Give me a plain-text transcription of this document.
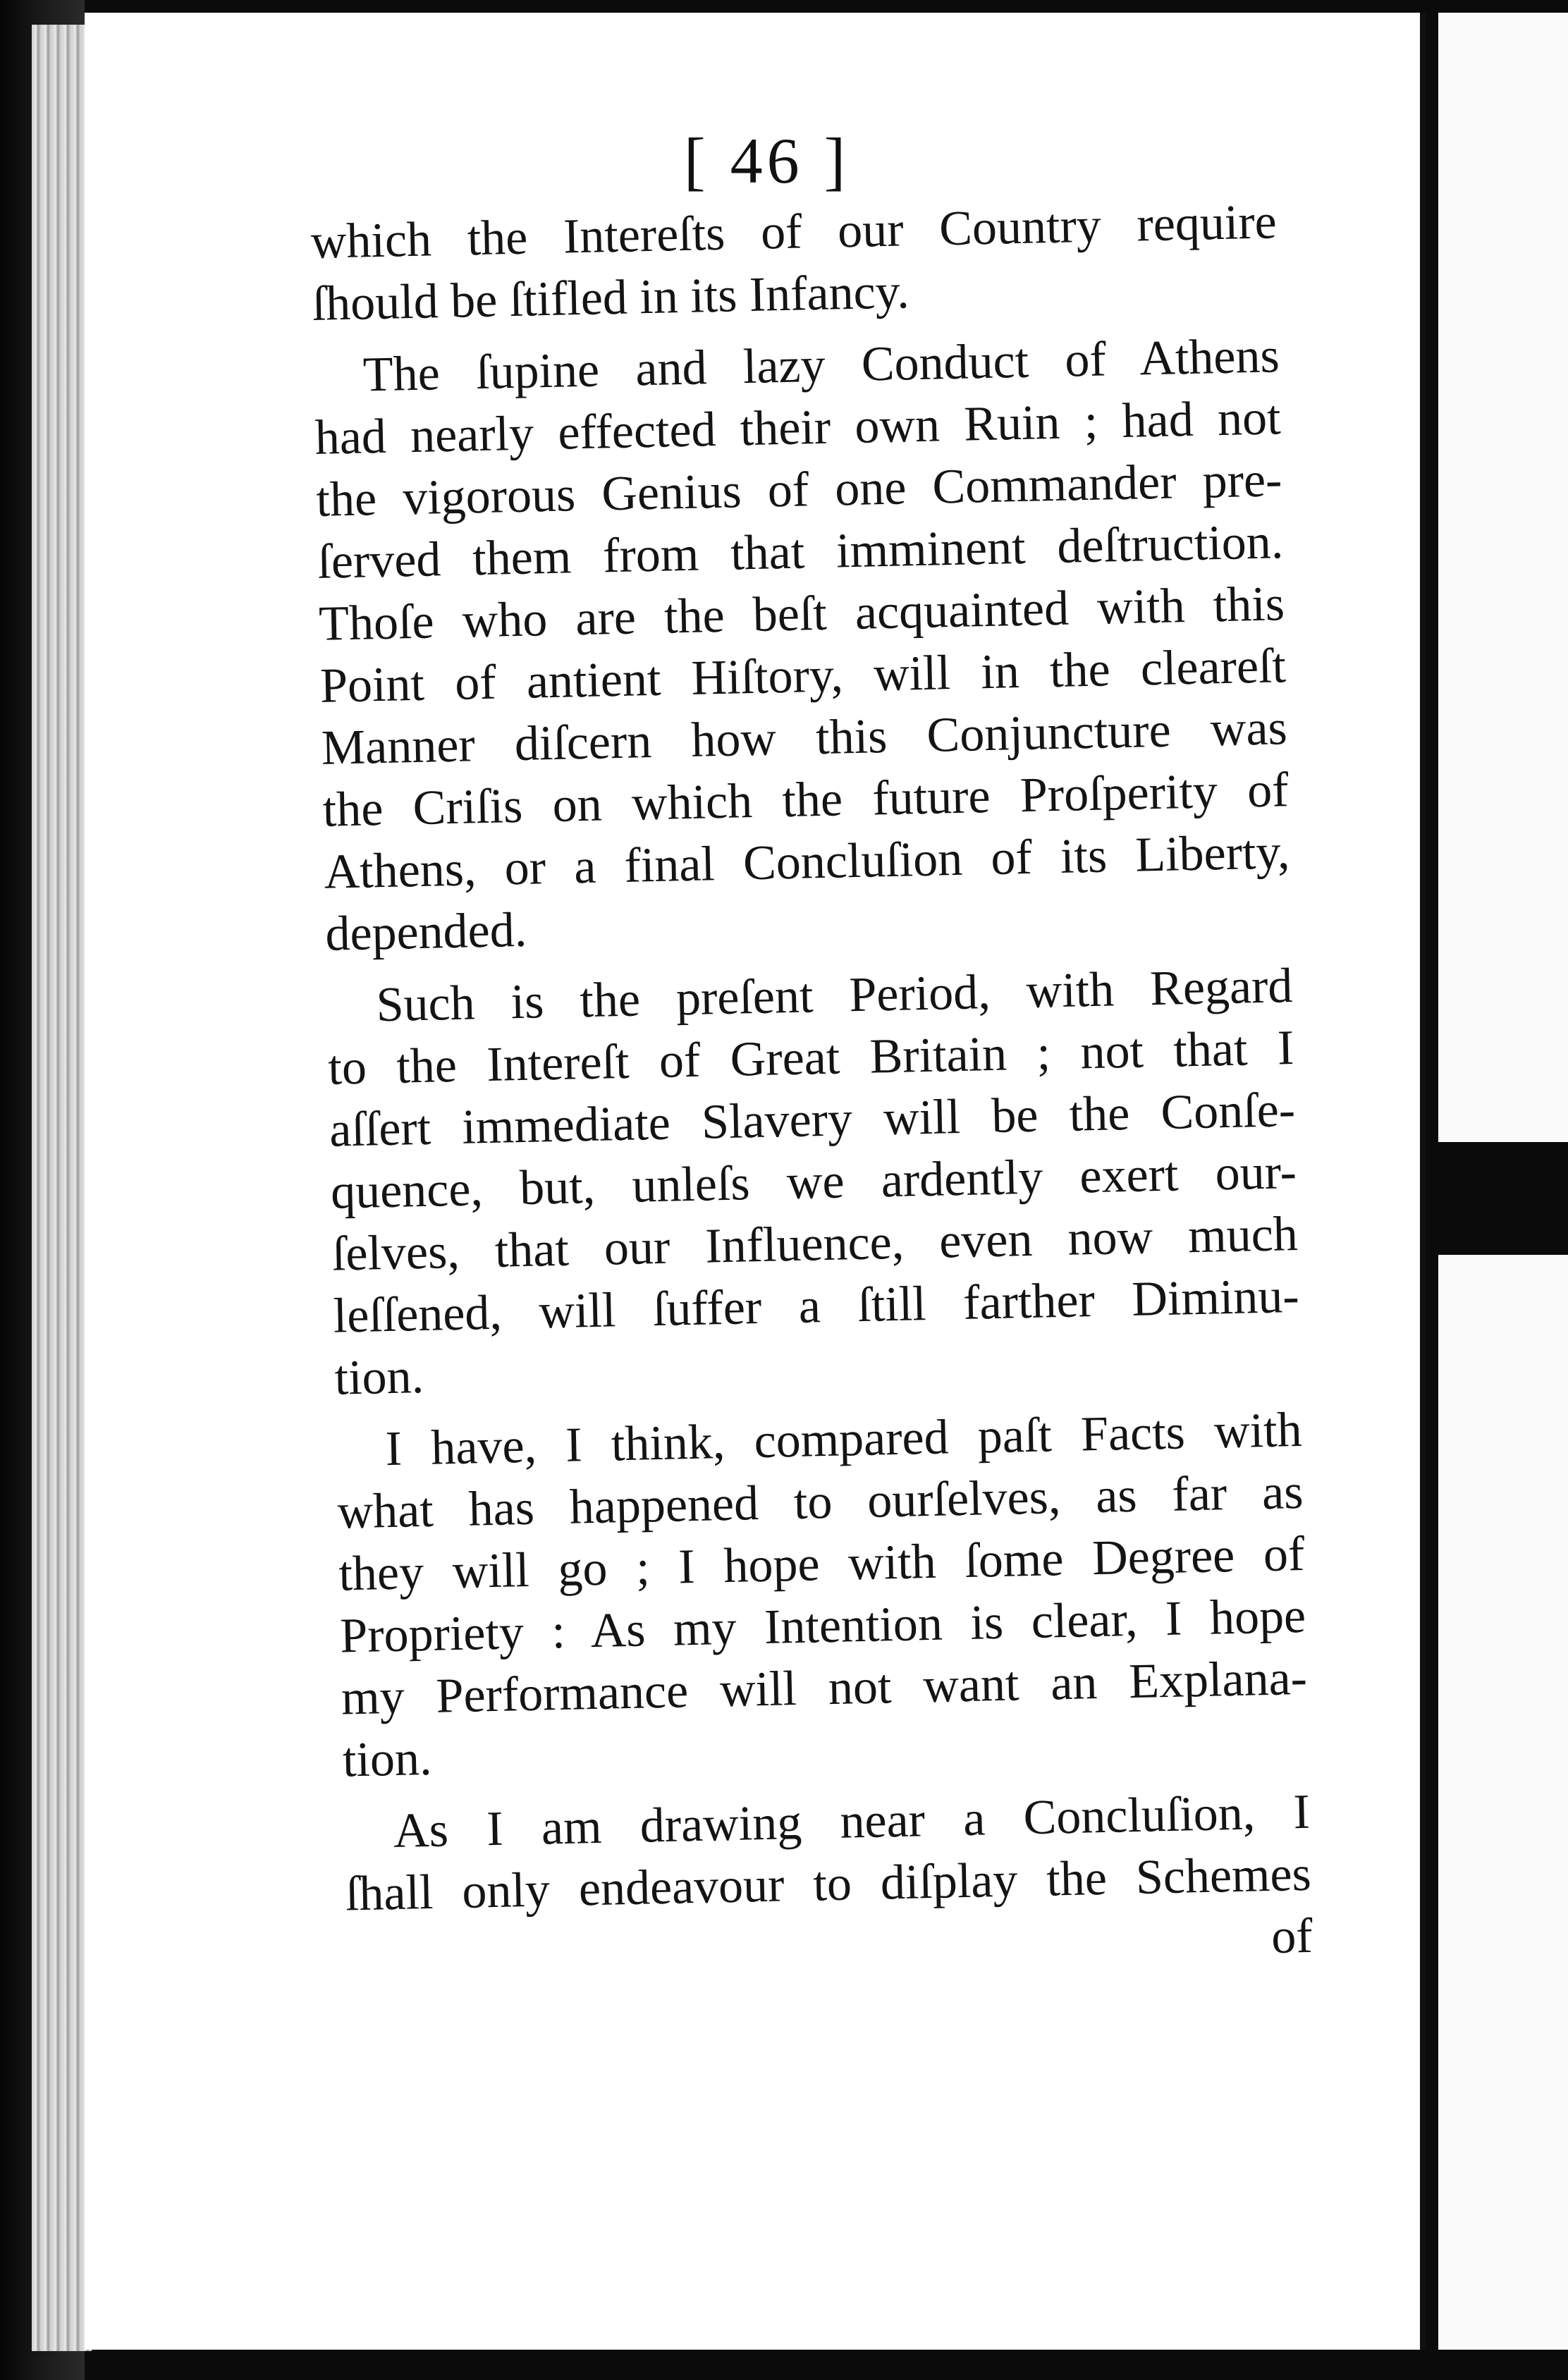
[ 46 ]
which the Intereſts of our Country require
ſhould be ſtifled in its Infancy.
The ſupine and lazy Conduct of Athens
had nearly effected their own Ruin ; had not
the vigorous Genius of one Commander pre-
ſerved them from that imminent deſtruction.
Thoſe who are the beſt acquainted with this
Point of antient Hiſtory, will in the cleareſt
Manner diſcern how this Conjuncture was
the Criſis on which the future Proſperity of
Athens, or a final Concluſion of its Liberty,
depended.
Such is the preſent Period, with Regard
to the Intereſt of Great Britain ; not that I
aſſert immediate Slavery will be the Conſe-
quence, but, unleſs we ardently exert our-
ſelves, that our Influence, even now much
leſſened, will ſuffer a ſtill farther Diminu-
tion.
I have, I think, compared paſt Facts with
what has happened to ourſelves, as far as
they will go ; I hope with ſome Degree of
Propriety : As my Intention is clear, I hope
my Performance will not want an Explana-
tion.
As I am drawing near a Concluſion, I
ſhall only endeavour to diſplay the Schemes
of
